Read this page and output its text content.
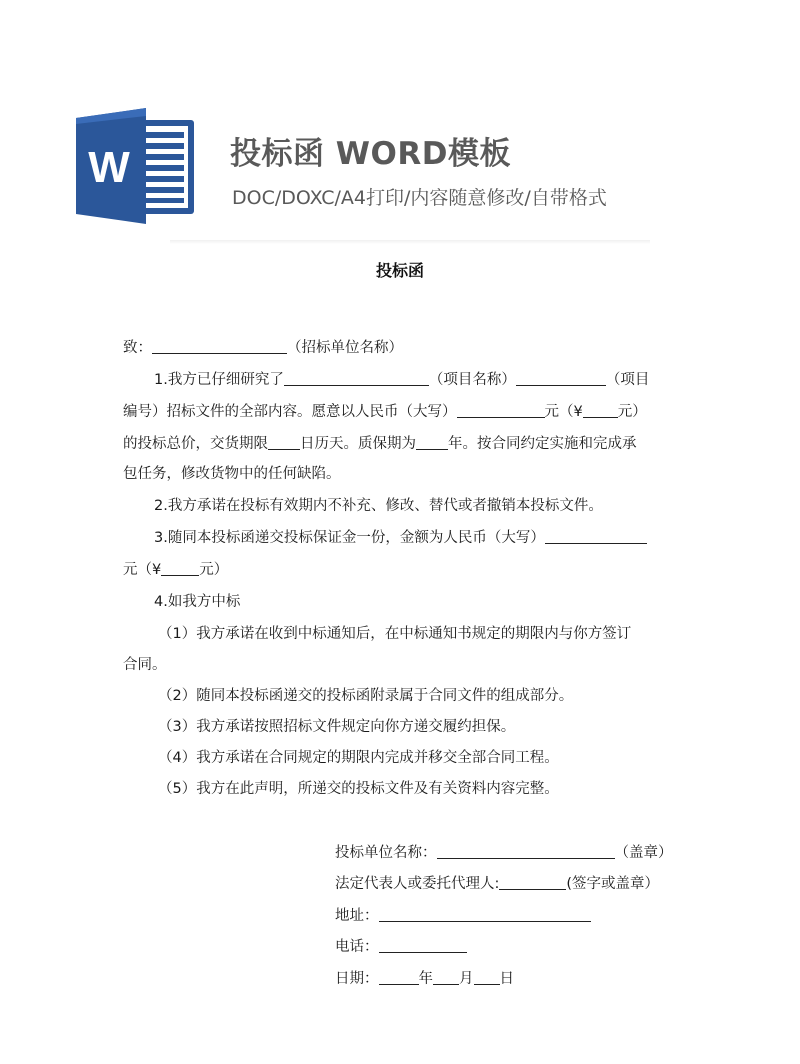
W	投标函 WORD模板
DOC/DOXC/A4打印/内容随意修改/自带格式
投标函
致：	（招标单位名称）
1.我方已仔细研究了	（项目名称）	（项目
编号）招标文件的全部内容。愿意以人民币（大写）	元（¥ 元）
的投标总价，交货期限 日历天。质保期为 年。按合同约定实施和完成承
包任务，修改货物中的任何缺陷。
2.我方承诺在投标有效期内不补充、修改、替代或者撤销本投标文件。
3.随同本投标函递交投标保证金一份，金额为人民币（大写）
元（¥	元）
4.如我方中标
（1）我方承诺在收到中标通知后，在中标通知书规定的期限内与你方签订
合同。
（2）随同本投标函递交的投标函附录属于合同文件的组成部分。
（3）我方承诺按照招标文件规定向你方递交履约担保。
（4）我方承诺在合同规定的期限内完成并移交全部合同工程。
（5）我方在此声明，所递交的投标文件及有关资料内容完整。
投标单位名称：	（盖章）
法定代表人或委托代理人:	(签字或盖章）
地址：
电话：
日期：	年 月 日
